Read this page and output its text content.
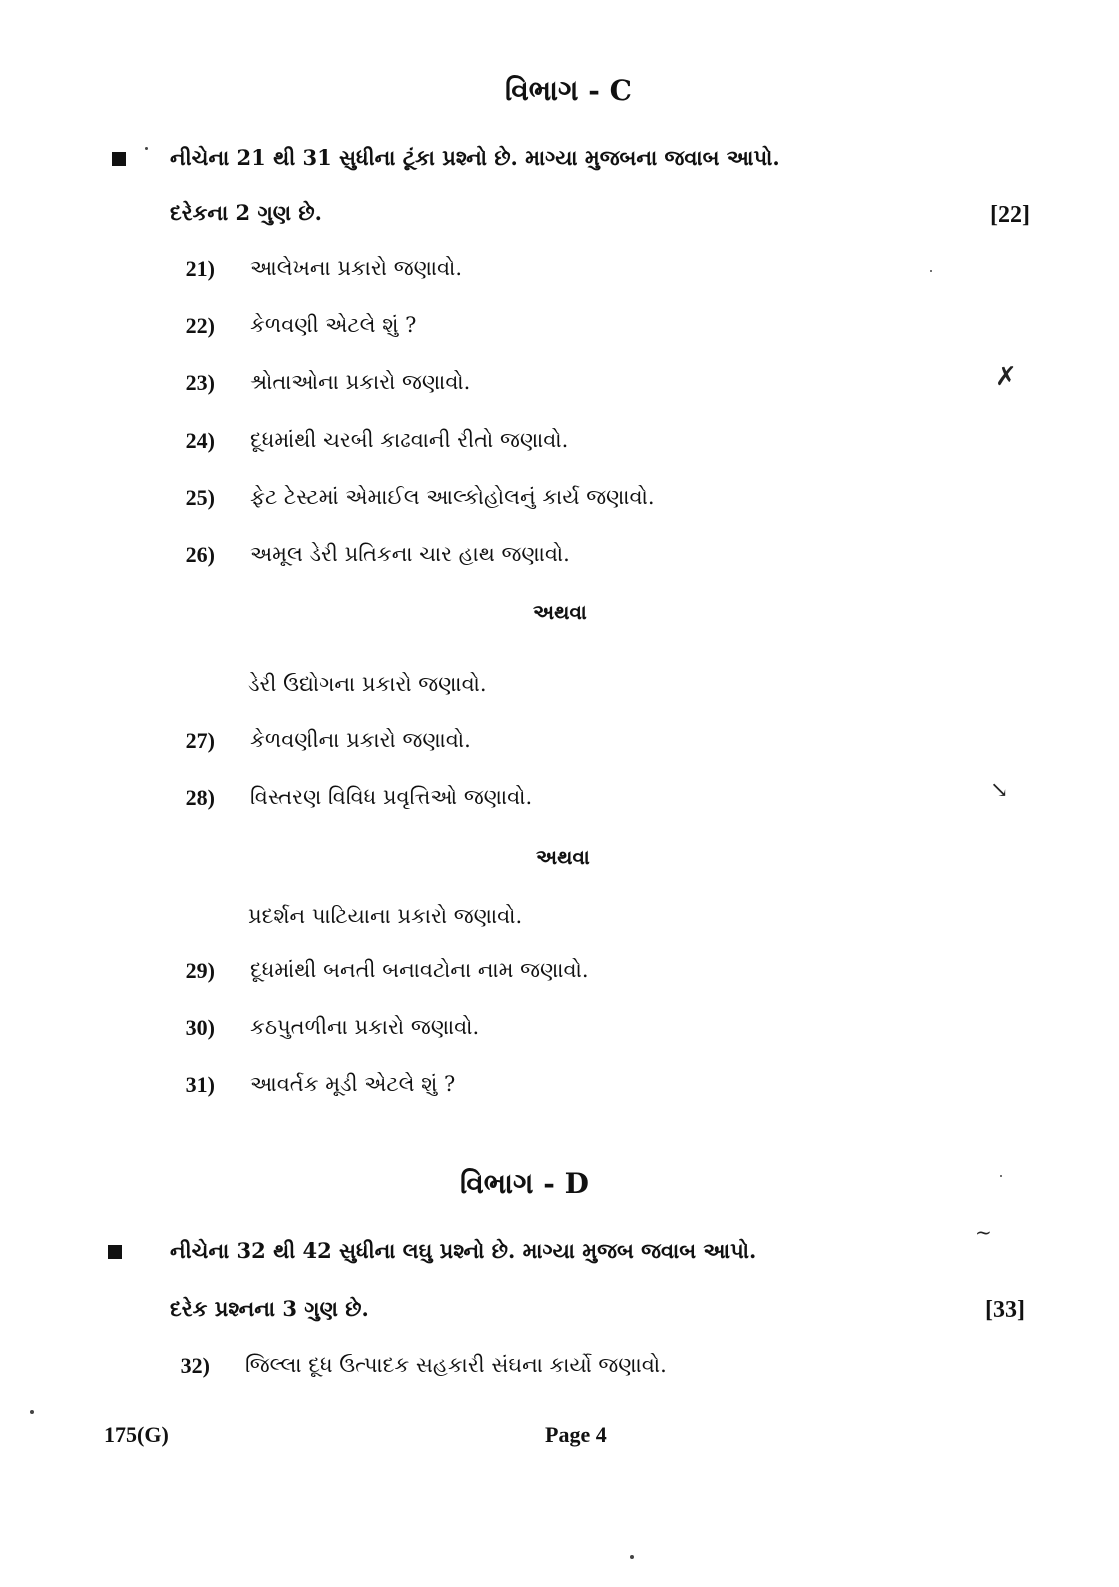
વિભાગ - C
નીચેના 21 થી 31 સુધીના ટૂંકા પ્રશ્નો છે. માગ્યા મુજબના જવાબ આપો.
દરેકના 2 ગુણ છે.	[22]
21) આલેખના પ્રકારો જણાવો.
22) કેળવણી એટલે શું ?
23) શ્રોતાઓના પ્રકારો જણાવો.
24) દૂધમાંથી ચરબી કાઢવાની રીતો જણાવો.
25) ફેટ ટેસ્ટમાં એમાઈલ આલ્કોહોલનું કાર્ય જણાવો.
26) અમૂલ ડેરી પ્રતિકના ચાર હાથ જણાવો.
અથવા
ડેરી ઉદ્યોગના પ્રકારો જણાવો.
27) કેળવણીના પ્રકારો જણાવો.
28) વિસ્તરણ વિવિધ પ્રવૃત્તિઓ જણાવો.
અથવા
પ્રદર્શન પાટિયાના પ્રકારો જણાવો.
29) દૂધમાંથી બનતી બનાવટોના નામ જણાવો.
30) કઠપુતળીના પ્રકારો જણાવો.
31) આવર્તક મૂડી એટલે શું ?
વિભાગ - D
નીચેના 32 થી 42 સુધીના લઘુ પ્રશ્નો છે. માગ્યા મુજબ જવાબ આપો.
દરેક પ્રશ્નના 3 ગુણ છે.	[33]
32) જિલ્લા દૂધ ઉત્પાદક સહકારી સંઘના કાર્યો જણાવો.
175(G)	Page 4
✗
↘
~
